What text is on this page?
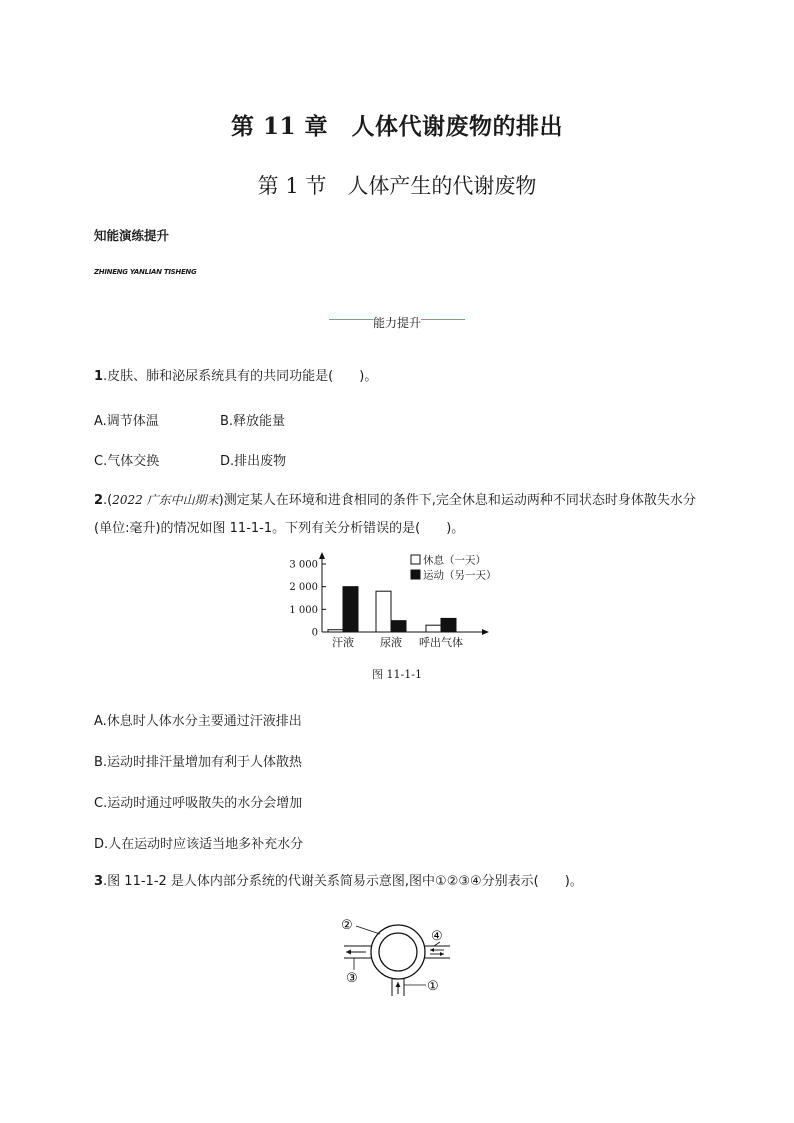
第 11 章　人体代谢废物的排出
第 1 节　人体产生的代谢废物
知能演练提升
ZHINENG YANLIAN TISHENG
能力提升
1.皮肤、肺和泌尿系统具有的共同功能是(　　)。
A.调节体温	B.释放能量
C.气体交换	D.排出废物
2.(2022 广东中山期末)测定某人在环境和进食相同的条件下,完全休息和运动两种不同状态时身体散失水分(单位:毫升)的情况如图 11-1-1。下列有关分析错误的是(　　)。
3 000
2 000
1 000
0
汗液 尿液 呼出气体
休息（一天）
运动（另一天）
图 11-1-1
A.休息时人体水分主要通过汗液排出
B.运动时排汗量增加有利于人体散热
C.运动时通过呼吸散失的水分会增加
D.人在运动时应该适当地多补充水分
3.图 11-1-2 是人体内部分系统的代谢关系简易示意图,图中①②③④分别表示(　　)。
②
④
③
①
